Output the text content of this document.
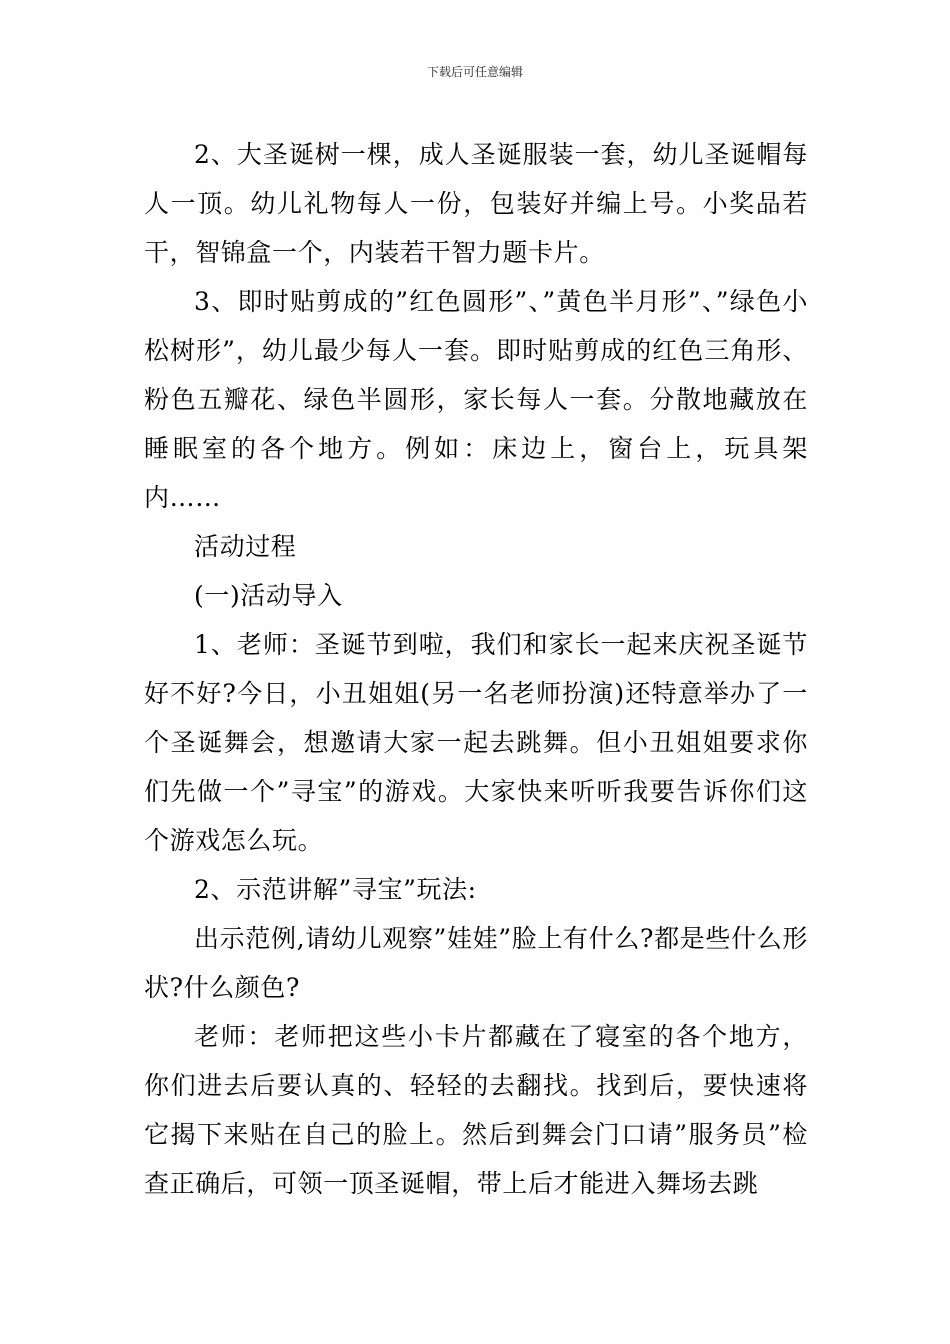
下载后可任意编辑

2、大圣诞树一棵，成人圣诞服装一套，幼儿圣诞帽每人一顶。幼儿礼物每人一份，包装好并编上号。小奖品若干，智锦盒一个，内装若干智力题卡片。

3、即时贴剪成的”红色圆形”、”黄色半月形”、”绿色小松树形”，幼儿最少每人一套。即时贴剪成的红色三角形、粉色五瓣花、绿色半圆形，家长每人一套。分散地藏放在睡眠室的各个地方。例如：床边上，窗台上，玩具架内……

活动过程

(一)活动导入

1、老师：圣诞节到啦，我们和家长一起来庆祝圣诞节好不好?今日，小丑姐姐(另一名老师扮演)还特意举办了一个圣诞舞会，想邀请大家一起去跳舞。但小丑姐姐要求你们先做一个”寻宝”的游戏。大家快来听听我要告诉你们这个游戏怎么玩。

2、示范讲解”寻宝”玩法:

出示范例,请幼儿观察”娃娃”脸上有什么?都是些什么形状?什么颜色?

老师：老师把这些小卡片都藏在了寝室的各个地方，你们进去后要认真的、轻轻的去翻找。找到后，要快速将它揭下来贴在自己的脸上。然后到舞会门口请”服务员”检查正确后，可领一顶圣诞帽，带上后才能进入舞场去跳
